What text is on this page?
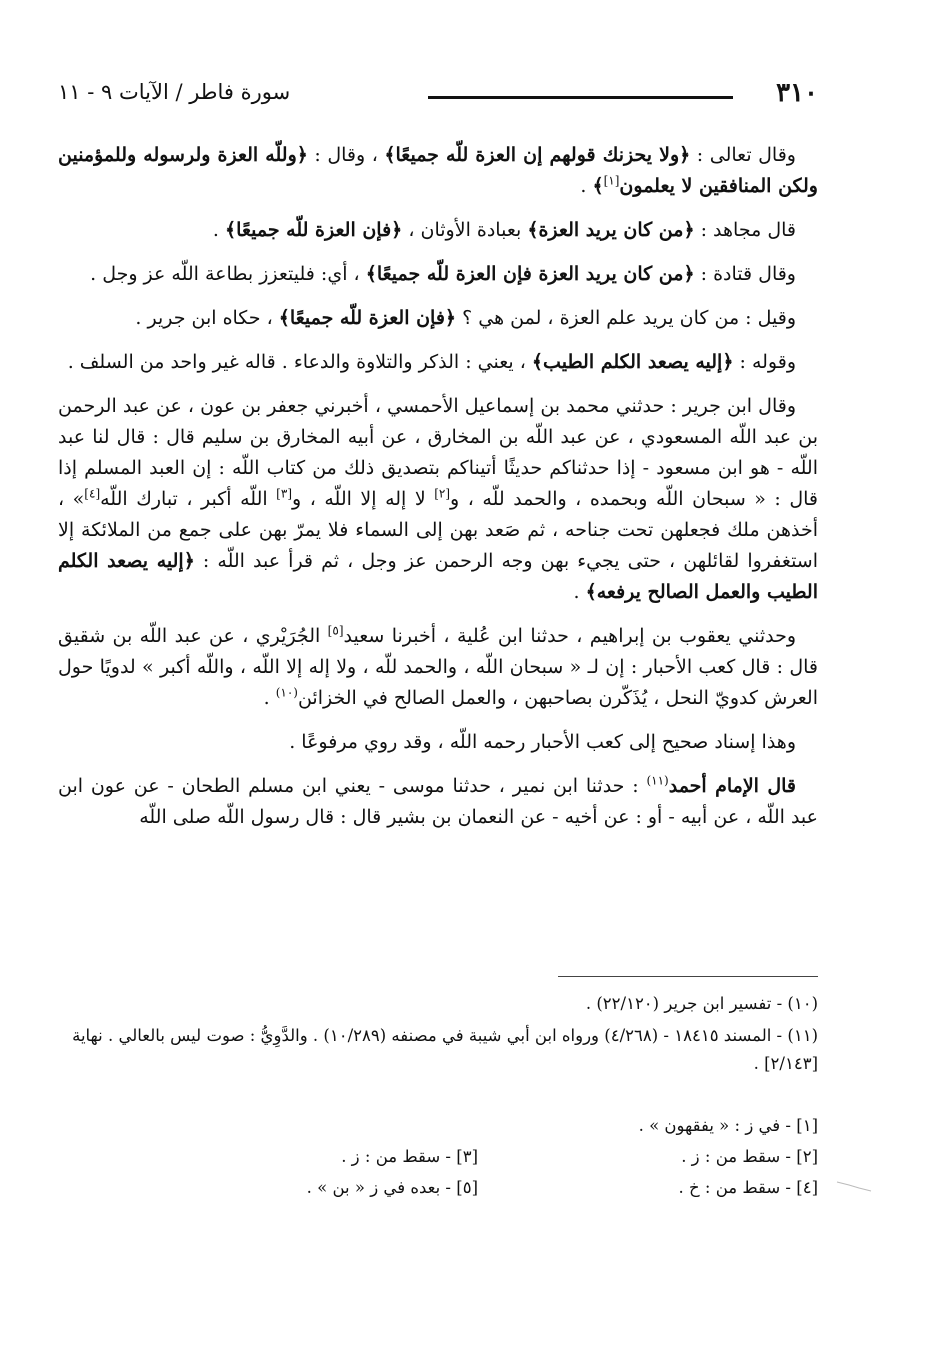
٣١٠
سورة فاطر / الآيات ٩ - ١١

وقال تعالى : ﴿ولا يحزنك قولهم إن العزة للّه جميعًا﴾ ، وقال : ﴿وللّه العزة ولرسوله وللمؤمنين ولكن المنافقين لا يعلمون[١]﴾ .

قال مجاهد : ﴿من كان يريد العزة﴾ بعبادة الأوثان ، ﴿فإن العزة للّه جميعًا﴾ .

وقال قتادة : ﴿من كان يريد العزة فإن العزة للّه جميعًا﴾ ، أي: فليتعزز بطاعة اللّه عز وجل .

وقيل : من كان يريد علم العزة ، لمن هي ؟ ﴿فإن العزة للّه جميعًا﴾ ، حكاه ابن جرير .

وقوله : ﴿إليه يصعد الكلم الطيب﴾ ، يعني : الذكر والتلاوة والدعاء . قاله غير واحد من السلف .

وقال ابن جرير : حدثني محمد بن إسماعيل الأحمسي ، أخبرني جعفر بن عون ، عن عبد الرحمن بن عبد اللّه المسعودي ، عن عبد اللّه بن المخارق ، عن أبيه المخارق بن سليم قال : قال لنا عبد اللّه - هو ابن مسعود - إذا حدثناكم حديثًا أتيناكم بتصديق ذلك من كتاب اللّه : إن العبد المسلم إذا قال : « سبحان اللّه وبحمده ، والحمد للّه ، و[٢] لا إله إلا اللّه ، و[٣] اللّه أكبر ، تبارك اللّه[٤]» ، أخذهن ملك فجعلهن تحت جناحه ، ثم صَعد بهن إلى السماء فلا يمرّ بهن على جمع من الملائكة إلا استغفروا لقائلهن ، حتى يجيء بهن وجه الرحمن عز وجل ، ثم قرأ عبد اللّه : ﴿إليه يصعد الكلم الطيب والعمل الصالح يرفعه﴾ .

وحدثني يعقوب بن إبراهيم ، حدثنا ابن عُلية ، أخبرنا سعيد[٥] الجُرَيْري ، عن عبد اللّه بن شقيق قال : قال كعب الأحبار : إن لـ « سبحان اللّه ، والحمد للّه ، ولا إله إلا اللّه ، واللّه أكبر » لدويًا حول العرش كدويّ النحل ، يُذَكّرن بصاحبهن ، والعمل الصالح في الخزائن$^{(١٠)}$ .

وهذا إسناد صحيح إلى كعب الأحبار رحمه اللّه ، وقد روي مرفوعًا .

قال الإمام أحمد$^{(١١)}$ : حدثنا ابن نمير ، حدثنا موسى - يعني ابن مسلم الطحان - عن عون ابن عبد اللّه ، عن أبيه - أو : عن أخيه - عن النعمان بن بشير قال : قال رسول اللّه صلى اللّه

(١٠) - تفسير ابن جرير (٢٢/١٢٠) .

(١١) - المسند ١٨٤١٥ - (٤/٢٦٨) ورواه ابن أبي شيبة في مصنفه (١٠/٢٨٩) . والدَّوِيُّ : صوت ليس بالعالي . نهاية [٢/١٤٣] .

[١] - في ز : « يفقهون » .
[٢] - سقط من : ز .
[٣] - سقط من : ز .
[٤] - سقط من : خ .
[٥] - بعده في ز « بن » .
